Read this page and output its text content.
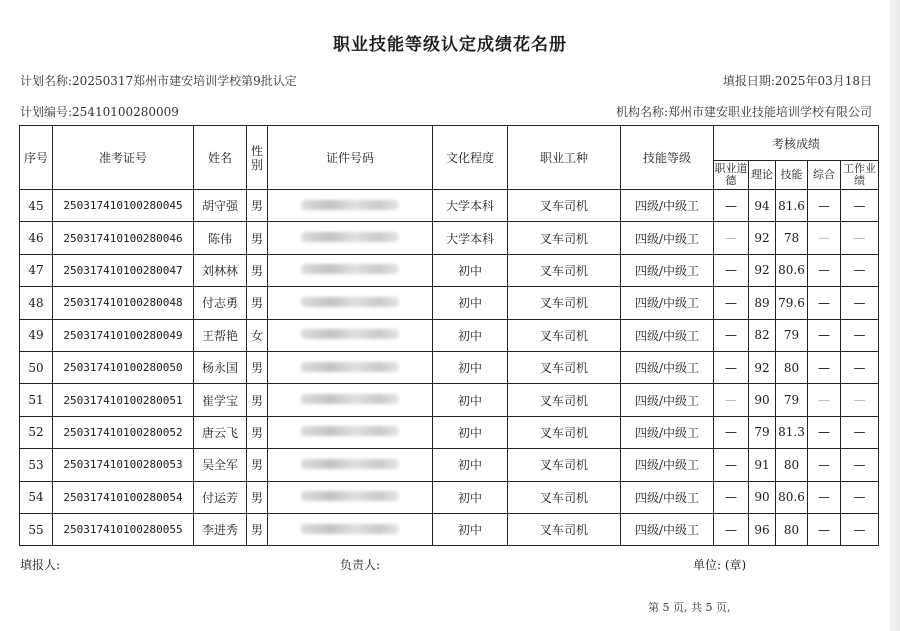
职业技能等级认定成绩花名册
计划名称:20250317郑州市建安培训学校第9批认定	填报日期:2025年03月18日
计划编号:25410100280009	机构名称:郑州市建安职业技能培训学校有限公司
序号	准考证号	姓名	性别	证件号码	文化程度	职业工种	技能等级	考核成绩				
								职业道德	理论	技能	综合	工作业绩
45	250317410100280045	胡守强	男		大学本科	叉车司机	四级/中级工	—	94	81.6	—	—
46	250317410100280046	陈伟	男		大学本科	叉车司机	四级/中级工	—	92	78	—	—
47	250317410100280047	刘林林	男		初中	叉车司机	四级/中级工	—	92	80.6	—	—
48	250317410100280048	付志勇	男		初中	叉车司机	四级/中级工	—	89	79.6	—	—
49	250317410100280049	王帮艳	女		初中	叉车司机	四级/中级工	—	82	79	—	—
50	250317410100280050	杨永国	男		初中	叉车司机	四级/中级工	—	92	80	—	—
51	250317410100280051	崔学宝	男		初中	叉车司机	四级/中级工	—	90	79	—	—
52	250317410100280052	唐云飞	男		初中	叉车司机	四级/中级工	—	79	81.3	—	—
53	250317410100280053	吴全军	男		初中	叉车司机	四级/中级工	—	91	80	—	—
54	250317410100280054	付运芳	男		初中	叉车司机	四级/中级工	—	90	80.6	—	—
55	250317410100280055	李进秀	男		初中	叉车司机	四级/中级工	—	96	80	—	—
填报人:	负责人:	单位: (章)
第 5 页, 共 5 页,
